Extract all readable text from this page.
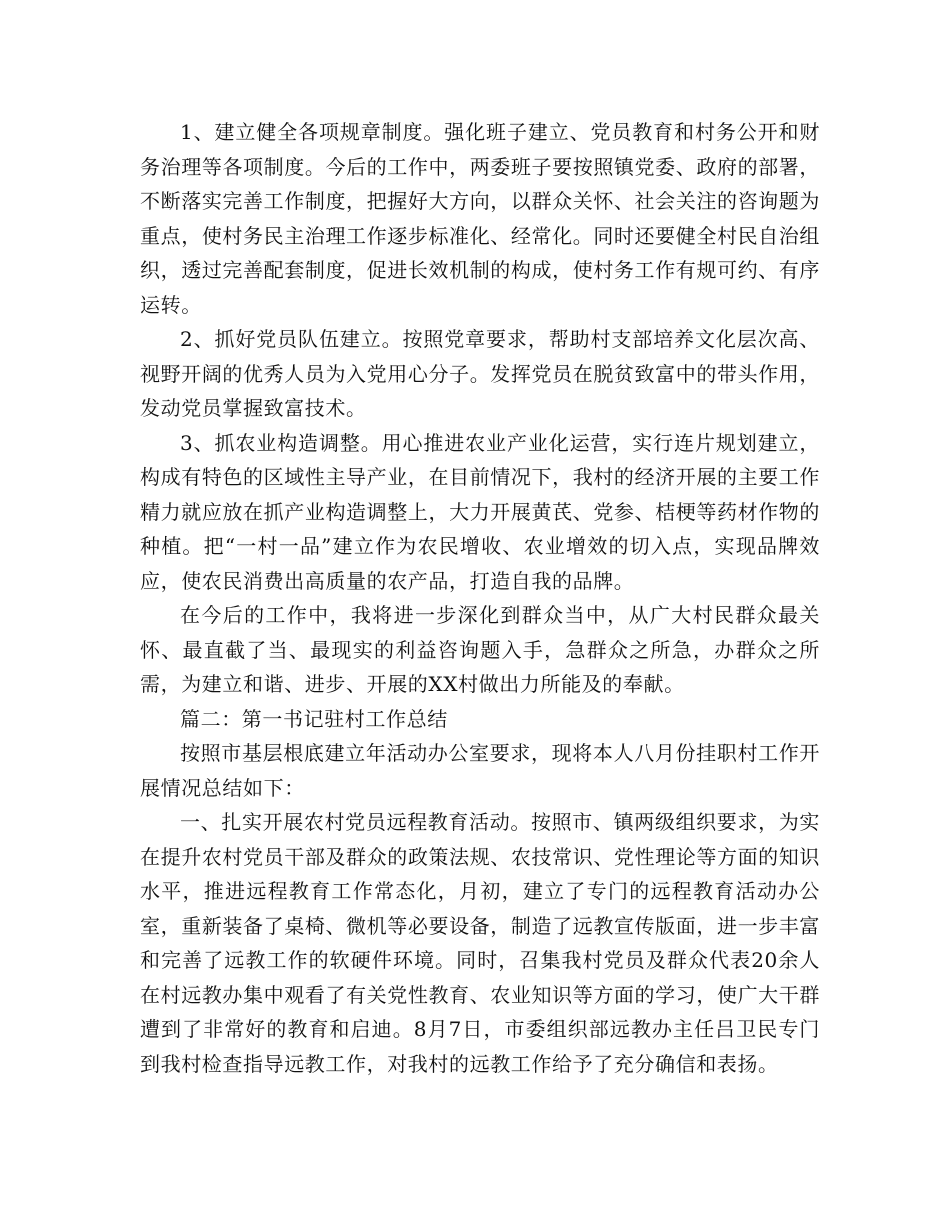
1、建立健全各项规章制度。强化班子建立、党员教育和村务公开和财务治理等各项制度。今后的工作中，两委班子要按照镇党委、政府的部署，不断落实完善工作制度，把握好大方向，以群众关怀、社会关注的咨询题为重点，使村务民主治理工作逐步标准化、经常化。同时还要健全村民自治组织，透过完善配套制度，促进长效机制的构成，使村务工作有规可约、有序运转。

2、抓好党员队伍建立。按照党章要求，帮助村支部培养文化层次高、视野开阔的优秀人员为入党用心分子。发挥党员在脱贫致富中的带头作用，发动党员掌握致富技术。

3、抓农业构造调整。用心推进农业产业化运营，实行连片规划建立，构成有特色的区域性主导产业，在目前情况下，我村的经济开展的主要工作精力就应放在抓产业构造调整上，大力开展黄芪、党参、桔梗等药材作物的种植。把“一村一品”建立作为农民增收、农业增效的切入点，实现品牌效应，使农民消费出高质量的农产品，打造自我的品牌。

在今后的工作中，我将进一步深化到群众当中，从广大村民群众最关怀、最直截了当、最现实的利益咨询题入手，急群众之所急，办群众之所需，为建立和谐、进步、开展的XX村做出力所能及的奉献。

篇二：第一书记驻村工作总结

按照市基层根底建立年活动办公室要求，现将本人八月份挂职村工作开展情况总结如下：

一、扎实开展农村党员远程教育活动。按照市、镇两级组织要求，为实在提升农村党员干部及群众的政策法规、农技常识、党性理论等方面的知识水平，推进远程教育工作常态化，月初，建立了专门的远程教育活动办公室，重新装备了桌椅、微机等必要设备，制造了远教宣传版面，进一步丰富和完善了远教工作的软硬件环境。同时，召集我村党员及群众代表20余人在村远教办集中观看了有关党性教育、农业知识等方面的学习，使广大干群遭到了非常好的教育和启迪。8月7日，市委组织部远教办主任吕卫民专门到我村检查指导远教工作，对我村的远教工作给予了充分确信和表扬。
